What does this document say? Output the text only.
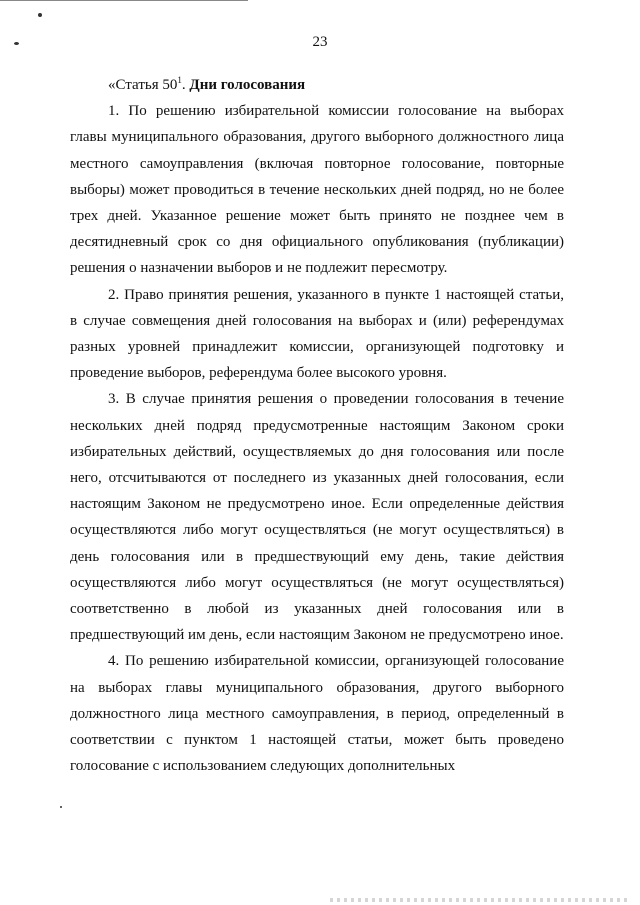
23

«Статья $50^1$. Дни голосования

1. По решению избирательной комиссии голосование на выборах главы муниципального образования, другого выборного должностного лица местного самоуправления (включая повторное голосование, повторные выборы) может проводиться в течение нескольких дней подряд, но не более трех дней. Указанное решение может быть принято не позднее чем в десятидневный срок со дня официального опубликования (публикации) решения о назначении выборов и не подлежит пересмотру.

2. Право принятия решения, указанного в пункте 1 настоящей статьи, в случае совмещения дней голосования на выборах и (или) референдумах разных уровней принадлежит комиссии, организующей подготовку и проведение выборов, референдума более высокого уровня.

3. В случае принятия решения о проведении голосования в течение нескольких дней подряд предусмотренные настоящим Законом сроки избирательных действий, осуществляемых до дня голосования или после него, отсчитываются от последнего из указанных дней голосования, если настоящим Законом не предусмотрено иное. Если определенные действия осуществляются либо могут осуществляться (не могут осуществляться) в день голосования или в предшествующий ему день, такие действия осуществляются либо могут осуществляться (не могут осуществляться) соответственно в любой из указанных дней голосования или в предшествующий им день, если настоящим Законом не предусмотрено иное.

4. По решению избирательной комиссии, организующей голосование на выборах главы муниципального образования, другого выборного должностного лица местного самоуправления, в период, определенный в соответствии с пунктом 1 настоящей статьи, может быть проведено голосование с использованием следующих дополнительных
